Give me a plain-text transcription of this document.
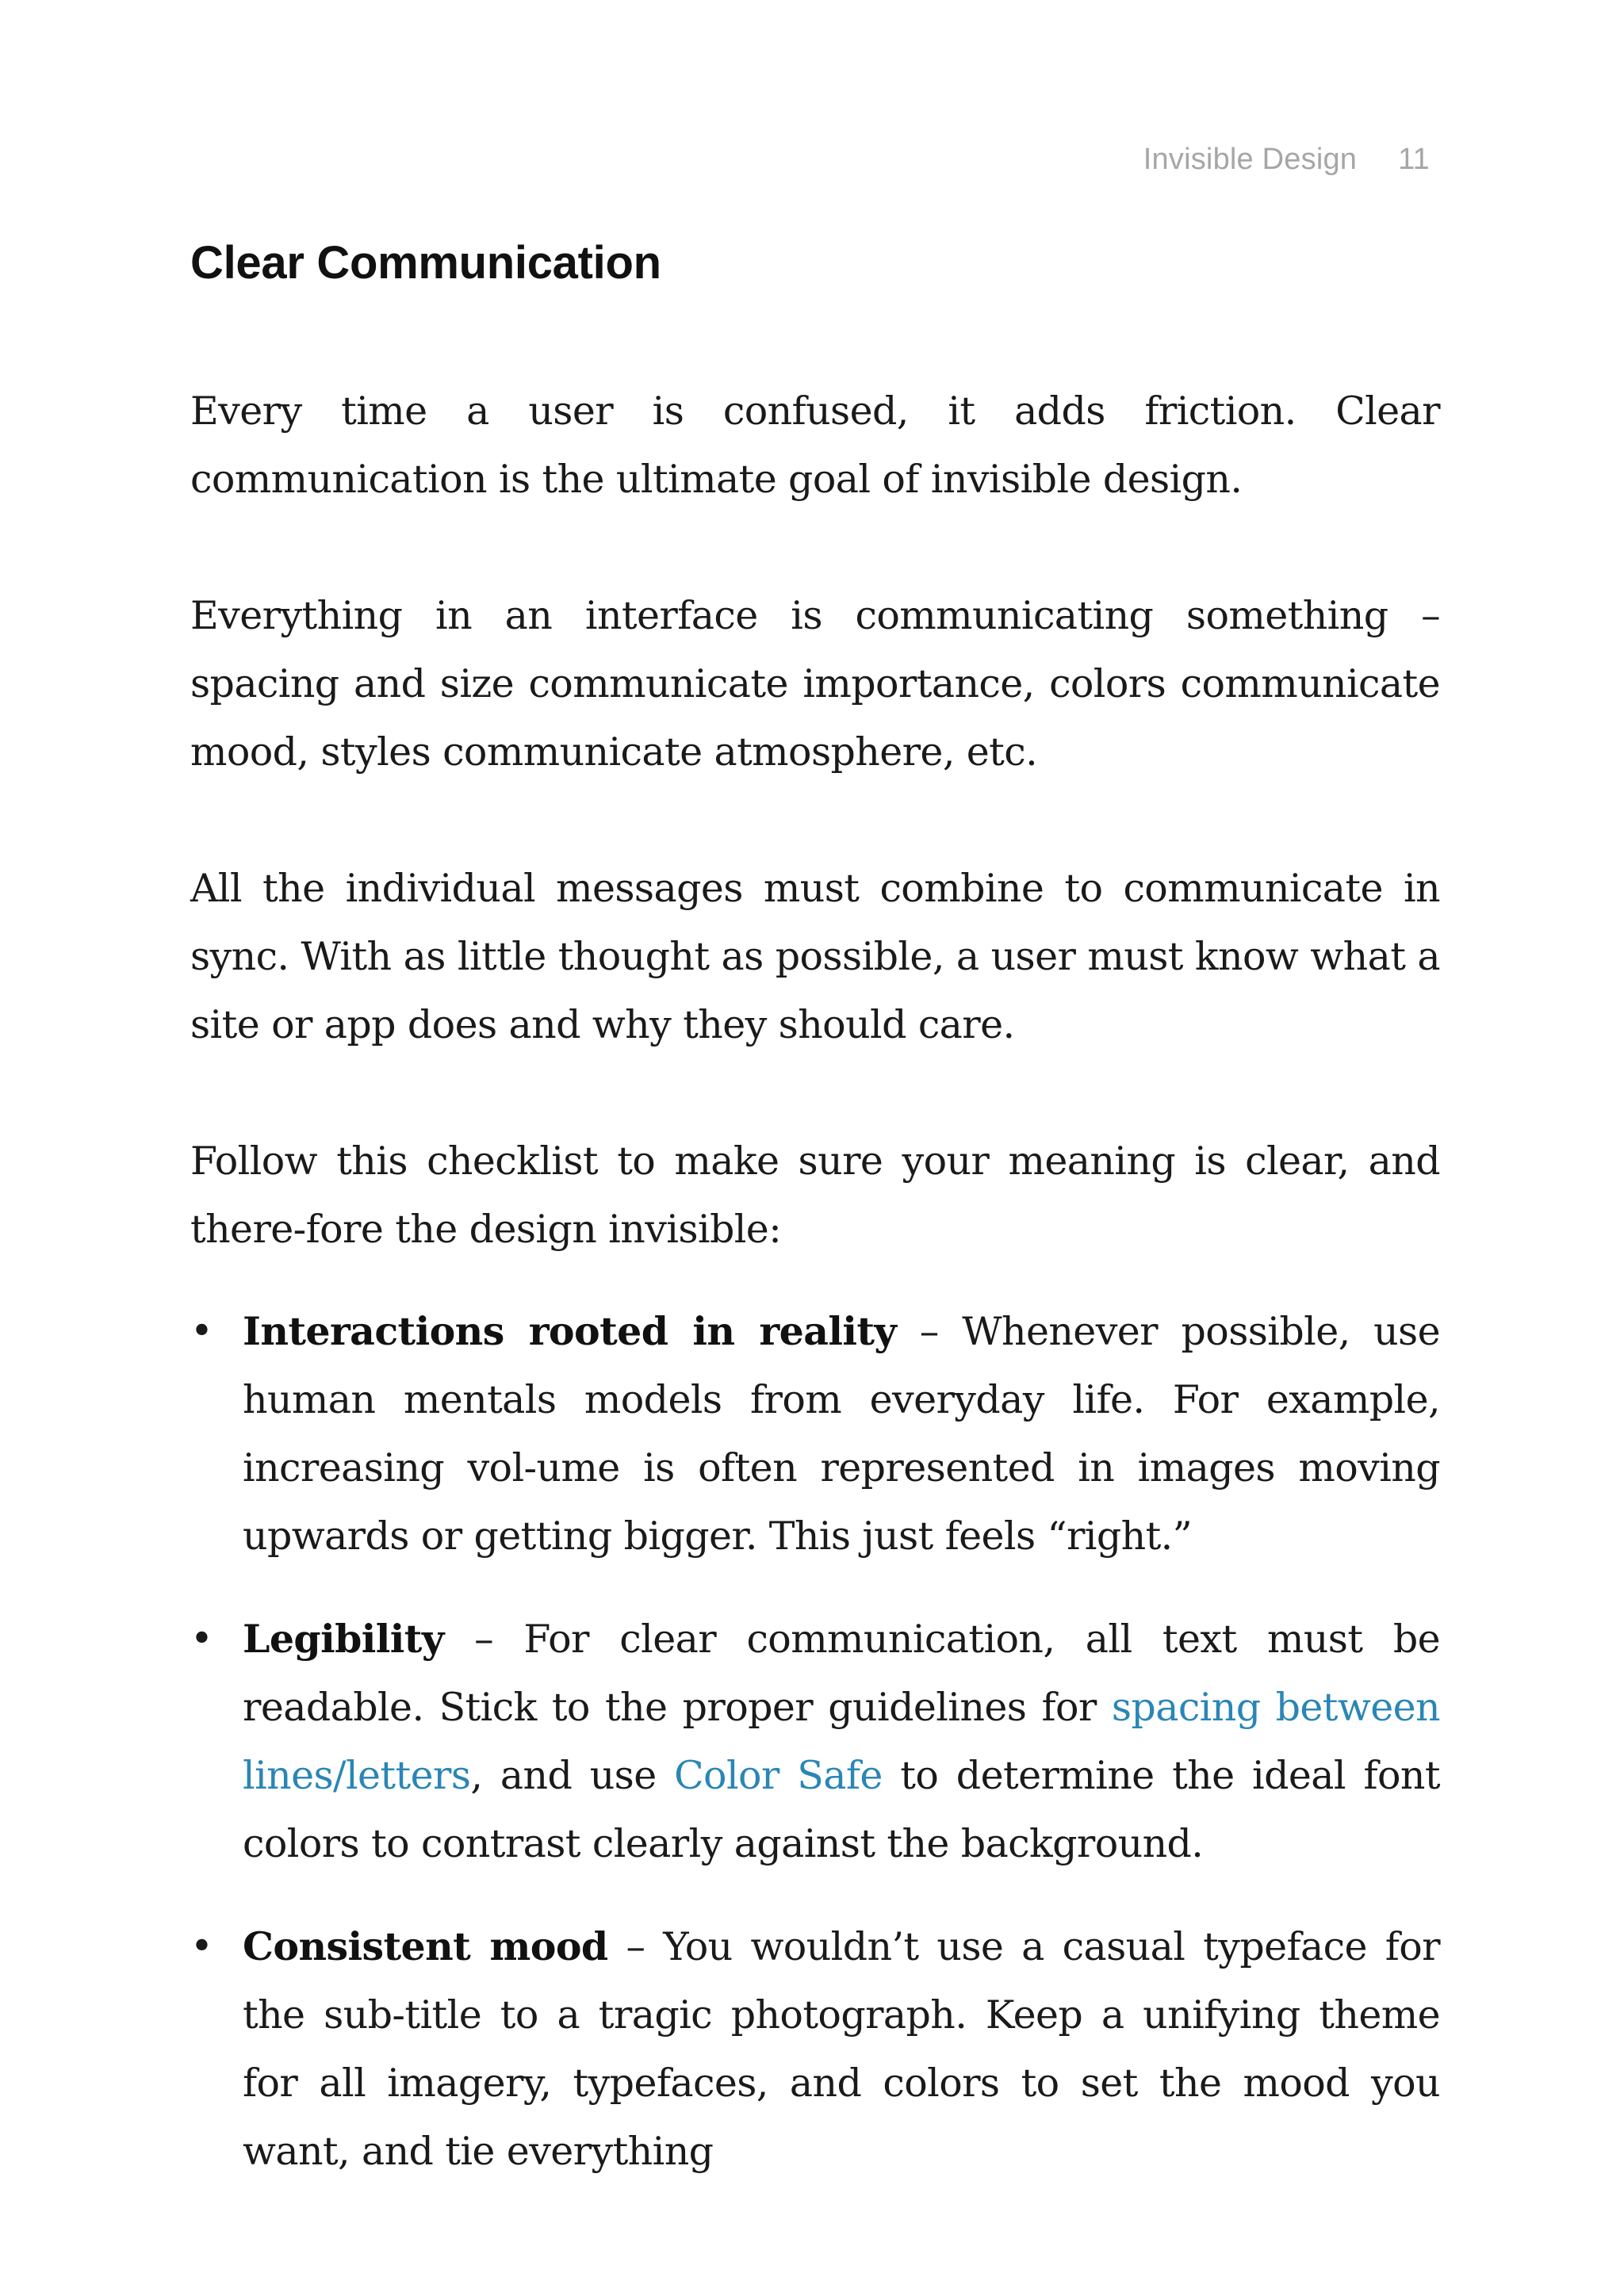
Invisible Design 11
Clear Communication

Every time a user is confused, it adds friction. Clear communication is the ultimate goal of invisible design.

Everything in an interface is communicating something – spacing and size communicate importance, colors communicate mood, styles communicate atmosphere, etc.

All the individual messages must combine to communicate in sync. With as little thought as possible, a user must know what a site or app does and why they should care.

Follow this checklist to make sure your meaning is clear, and there-fore the design invisible:

• Interactions rooted in reality – Whenever possible, use human mentals models from everyday life. For example, increasing vol-ume is often represented in images moving upwards or getting bigger. This just feels “right.”
• Legibility – For clear communication, all text must be readable. Stick to the proper guidelines for spacing between lines/letters, and use Color Safe to determine the ideal font colors to contrast clearly against the background.
• Consistent mood – You wouldn’t use a casual typeface for the sub-title to a tragic photograph. Keep a unifying theme for all imagery, typefaces, and colors to set the mood you want, and tie everything
